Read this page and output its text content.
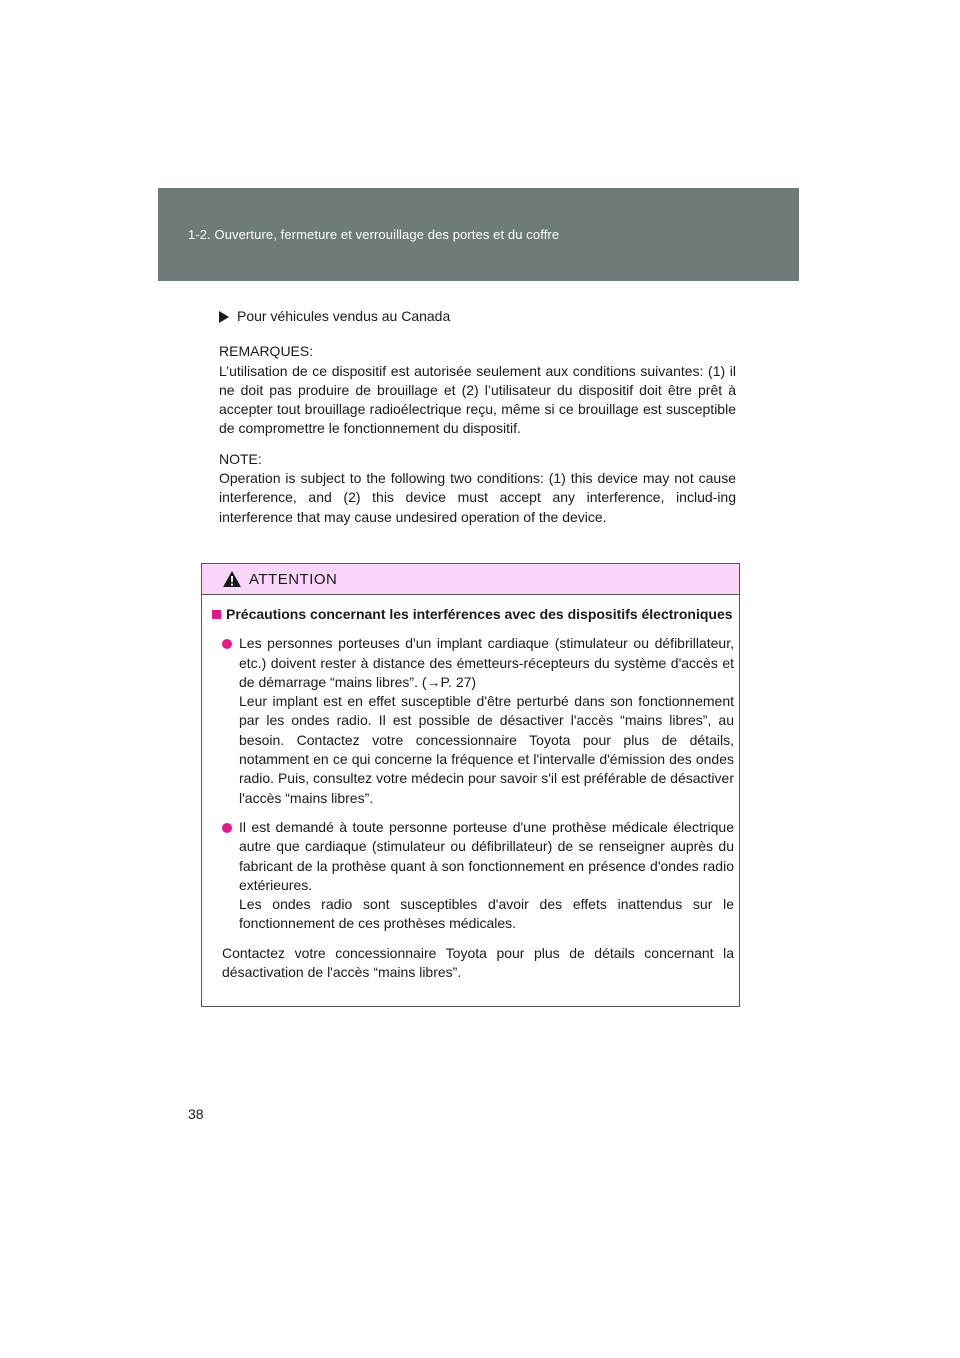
1-2. Ouverture, fermeture et verrouillage des portes et du coffre
Pour véhicules vendus au Canada

REMARQUES:
L’utilisation de ce dispositif est autorisée seulement aux conditions suivantes: (1) il ne doit pas produire de brouillage et (2) l’utilisateur du dispositif doit être prêt à accepter tout brouillage radioélectrique reçu, même si ce brouillage est susceptible de compromettre le fonctionnement du dispositif.

NOTE:
Operation is subject to the following two conditions: (1) this device may not cause interference, and (2) this device must accept any interference, includ-ing interference that may cause undesired operation of the device.

ATTENTION
Précautions concernant les interférences avec des dispositifs électroniques
Les personnes porteuses d'un implant cardiaque (stimulateur ou défibrillateur, etc.) doivent rester à distance des émetteurs-récepteurs du système d'accès et de démarrage “mains libres”. (→P. 27)
Leur implant est en effet susceptible d'être perturbé dans son fonctionnement par les ondes radio. Il est possible de désactiver l'accès “mains libres”, au besoin. Contactez votre concessionnaire Toyota pour plus de détails, notamment en ce qui concerne la fréquence et l'intervalle d'émission des ondes radio. Puis, consultez votre médecin pour savoir s'il est préférable de désactiver l'accès “mains libres”.
Il est demandé à toute personne porteuse d'une prothèse médicale électrique autre que cardiaque (stimulateur ou défibrillateur) de se renseigner auprès du fabricant de la prothèse quant à son fonctionnement en présence d'ondes radio extérieures.
Les ondes radio sont susceptibles d'avoir des effets inattendus sur le fonctionnement de ces prothèses médicales.
Contactez votre concessionnaire Toyota pour plus de détails concernant la désactivation de l'accès “mains libres”.
38
